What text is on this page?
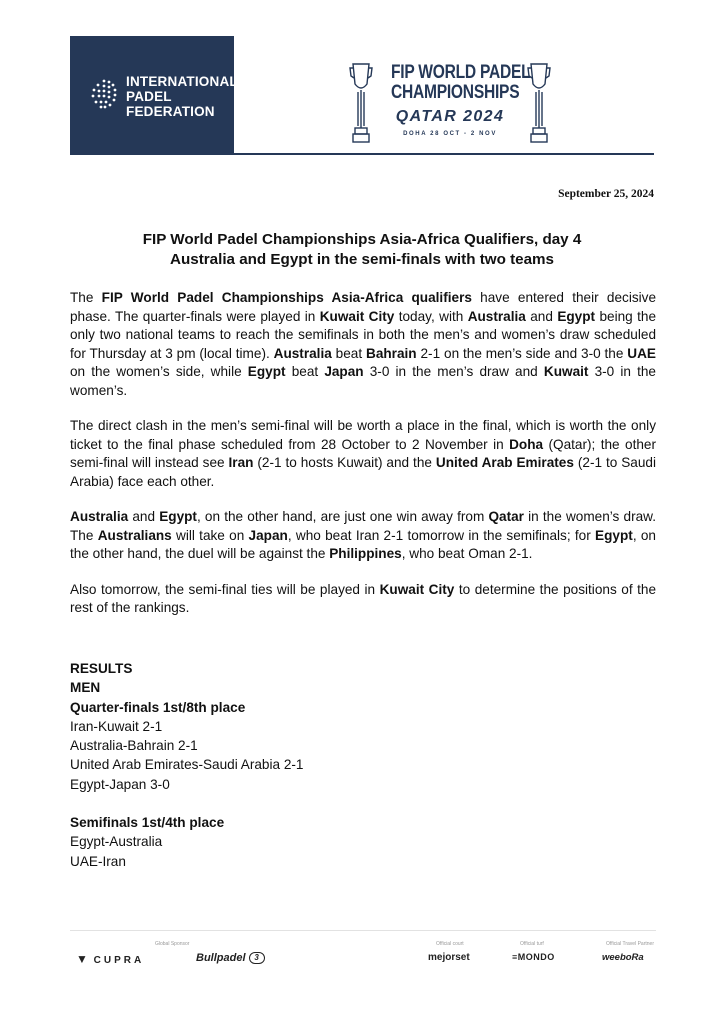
INTERNATIONAL
PADEL
FEDERATION
FIP WORLD PADEL
CHAMPIONSHIPS
QATAR 2024
DOHA 28 OCT - 2 NOV
September 25, 2024
FIP World Padel Championships Asia-Africa Qualifiers, day 4
Australia and Egypt in the semi-finals with two teams

The FIP World Padel Championships Asia-Africa qualifiers have entered their decisive phase. The quarter-finals were played in Kuwait City today, with Australia and Egypt being the only two national teams to reach the semifinals in both the men’s and women’s draw scheduled for Thursday at 3 pm (local time). Australia beat Bahrain 2-1 on the men’s side and 3-0 the UAE on the women’s side, while Egypt beat Japan 3-0 in the men’s draw and Kuwait 3-0 in the women’s.

The direct clash in the men’s semi-final will be worth a place in the final, which is worth the only ticket to the final phase scheduled from 28 October to 2 November in Doha (Qatar); the other semi-final will instead see Iran (2-1 to hosts Kuwait) and the United Arab Emirates (2-1 to Saudi Arabia) face each other.

Australia and Egypt, on the other hand, are just one win away from Qatar in the women’s draw. The Australians will take on Japan, who beat Iran 2-1 tomorrow in the semifinals; for Egypt, on the other hand, the duel will be against the Philippines, who beat Oman 2-1.

Also tomorrow, the semi-final ties will be played in Kuwait City to determine the positions of the rest of the rankings.

RESULTS
MEN
Quarter-finals 1st/8th place
Iran-Kuwait 2-1
Australia-Bahrain 2-1
United Arab Emirates-Saudi Arabia 2-1
Egypt-Japan 3-0
Semifinals 1st/4th place
Egypt-Australia
UAE-Iran
Global Sponsor	Official court	Official turf	Official Travel Partner
▼ CUPRA	Bullpadel 3	mejorset	≡MONDO	weeboRa
